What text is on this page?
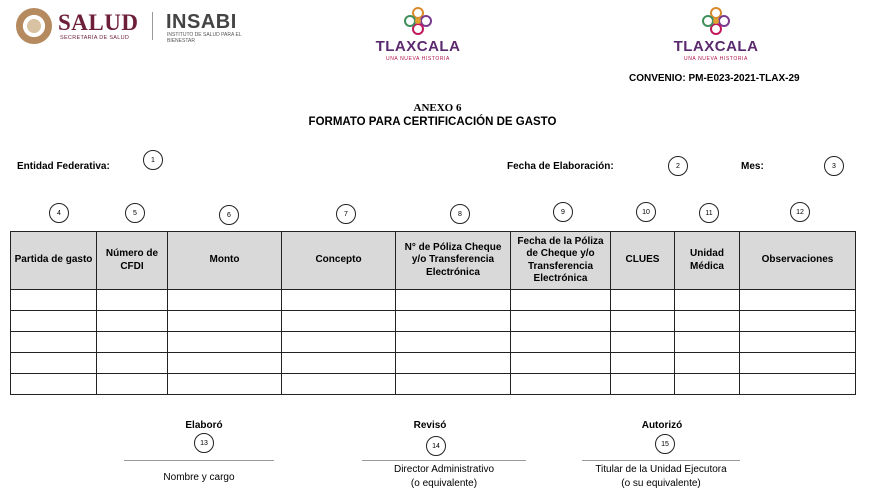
SALUD
SECRETARÍA DE SALUD
INSABI
INSTITUTO DE SALUD PARA EL BIENESTAR	TLAXCALA
UNA NUEVA HISTORIA
TLAXCALA
UNA NUEVA HISTORIA
CONVENIO: PM-E023-2021-TLAX-29
ANEXO 6
FORMATO PARA CERTIFICACIÓN DE GASTO
Entidad Federativa:
1
Fecha de Elaboración:	2	Mes:	3
4	5	6	7	8	9	10	11	12
Partida de gasto	Número de CFDI	Monto	Concepto	N° de Póliza Cheque y/o Transferencia Electrónica	Fecha de la Póliza de Cheque y/o Transferencia Electrónica	CLUES	Unidad Médica	Observaciones

Elaboró
13
Nombre y cargo
Revisó
14
Director Administrativo
(o equivalente)
Autorizó
15
Titular de la Unidad Ejecutora
(o su equivalente)
